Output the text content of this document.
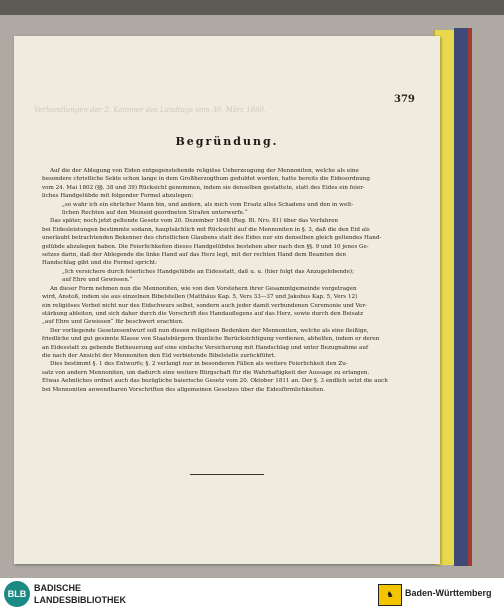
Verhandlungen der 2. Kammer des Landtags vom 30. März 1860.
379
Begründung.
Auf die der Ablegung von Eiden entgegenstehende religiöse Ueberzeugung der Mennoniten, welche als eine
besondere christliche Sekte schon lange in dem Großherzogthum geduldet worden, hatte bereits die Eidesordnung
vom 24. Mai 1802 (§§. 38 und 39) Rücksicht genommen, indem sie denselben gestattete, statt des Eides ein feier-
liches Handgelübde mit folgender Formel abzulegen:
„so wahr ich ein ehrlicher Mann bin, und andern, als mich vom Ersatz alles Schadens und den in welt-
lichen Rechten auf den Meineid geordneten Strafen unterwerfe.“
Das später, noch jetzt geltende Gesetz vom 20. Dezember 1848 (Reg. Bl. Nro. 81) über das Verfahren
bei Eidesleistungen bestimmte sodann, hauptsächlich mit Rücksicht auf die Mennoniten in §. 3, daß die den Eid als
unerlaubt betrachtenden Bekenner des christlichen Glaubens statt des Eides nur ein denselben gleich geltendes Hand-
gelübde abzulegen haben. Die Feierlichkeiten dieses Handgelübdes bestehen aber nach den §§. 9 und 10 jenes Ge-
setzes darin, daß der Ablegende die linke Hand auf das Herz legt, mit der rechten Hand dem Beamten den
Handschlag gibt und die Formel spricht:
„Ich versichere durch feierliches Handgelübde an Eidesstatt, daß u. u. (hier folgt das Anzugelobende);
auf Ehre und Gewissen.“
An dieser Form nehmen nun die Mennoniten, wie von den Vorstehern ihrer Gesammtgemeinde vorgetragen
wird, Anstoß, indem sie aus einzelnen Bibelstellen (Matthäus Kap. 5, Vers 33—37 und Jakobus Kap. 5, Vers 12)
ein religiöses Verbot nicht nur des Eidschwurs selbst, sondern auch jeder damit verbundenen Ceremonie und Ver-
stärkung ableiten, und sich daher durch die Vorschrift des Handauflegens auf das Herz, sowie durch den Beisatz
„auf Ehre und Gewissen“ für beschwert erachten.
Der vorliegende Gesetzesentwurf soll nun diesen religiösen Bedenken der Mennoniten, welche als eine fleißige,
friedliche und gut gesinnte Klasse von Staatsbürgern thunliche Berücksichtigung verdienen, abhelfen, indem er deren
an Eidesstatt zu gebende Betheuerung auf eine einfache Versicherung mit Handschlag und unter Bezugnahme auf
die nach der Ansicht der Mennoniten den Eid verbietende Bibelstelle zurückführt.
Dies bestimmt §. 1 des Entwurfs; §. 2 verlangt nur in besonderen Fällen als weitere Feierlichkeit den Zu-
satz von andern Mennoniten, um dadurch eine weitere Bürgschaft für die Wahrhaftigkeit der Aussage zu erlangen.
Etwas Aehnliches ordnet auch das bezügliche baierische Gesetz vom 20. Oktober 1811 an. Der §. 3 endlich setzt die auch
bei Mennoniten anwendbaren Vorschriften des allgemeinen Gesetzes über die Eidesförmlichkeiten.
BLB
BADISCHE
LANDESBIBLIOTHEK
♞	Baden-Württemberg
